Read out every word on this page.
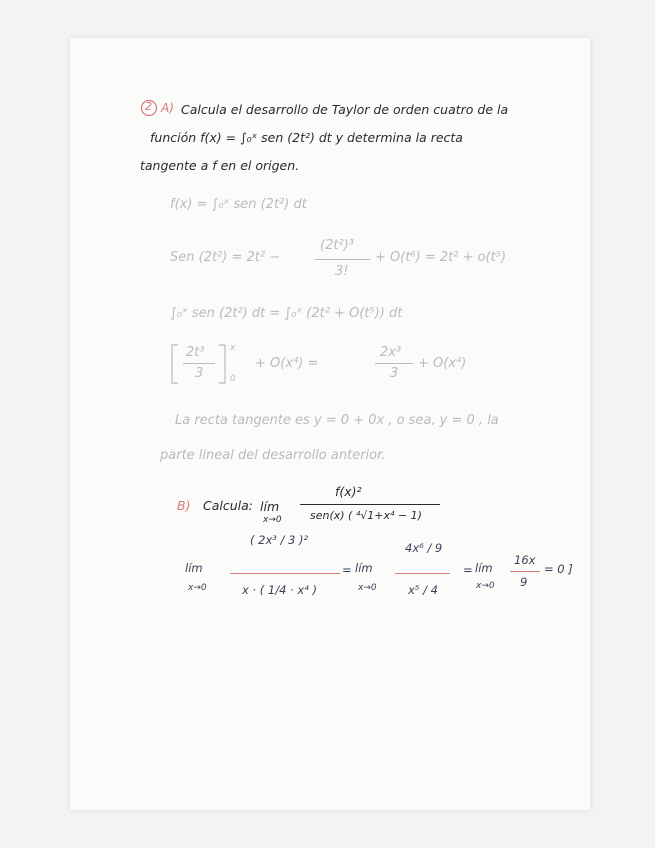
2 A) Calcula el desarrollo de Taylor de orden cuatro de la
función f(x) = ∫₀ˣ sen (2t²) dt y determina la recta
tangente a f en el origen.
f(x) = ∫₀ˣ sen (2t²) dt
Sen (2t²) = 2t² −
(2t²)³
3!
+ O(t⁶) = 2t² + o(t⁵)
∫₀ˣ sen (2t²) dt = ∫₀ˣ (2t² + O(t⁵)) dt
2t³
3
x
0
+ O(x⁴) =
2x³
3
+ O(x⁴)
La recta tangente es y = 0 + 0x , o sea, y = 0 , la
parte lineal del desarrollo anterior.
B) Calcula: lím
x→0
f(x)²
sen(x) ( ⁴√1+x⁴ − 1)
lím
x→0
( 2x³ / 3 )²
x · ( 1/4 · x⁴ )
= lím
x→0
4x⁶ / 9
x⁵ / 4
= lím
x→0
16x
9
= 0 ]
